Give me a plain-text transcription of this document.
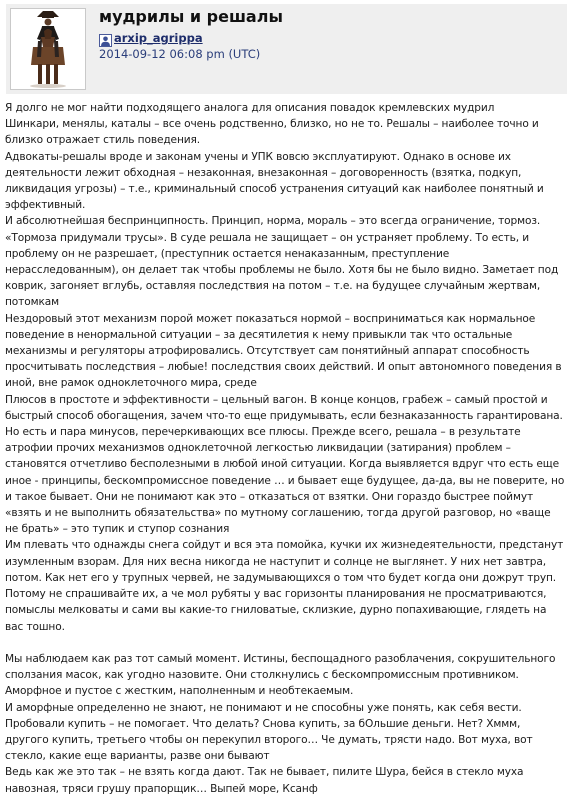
мудрилы и решалы
arxip_agrippa
2014-09-12 06:08 pm (UTC)

Я долго не мог найти подходящего аналога для описания повадок кремлевских мудрил

Шинкари, менялы, каталы – все очень родственно, близко, но не то. Решалы – наиболее точно и близко отражает стиль поведения.

Адвокаты-решалы вроде и законам учены и УПК вовсю эксплуатируют. Однако в основе их деятельности лежит обходная – незаконная, внезаконная – договоренность (взятка, подкуп, ликвидация угрозы) – т.е., криминальный способ устранения ситуаций как наиболее понятный и эффективный.

И абсолютнейшая беспринципность. Принцип, норма, мораль – это всегда ограничение, тормоз. «Тормоза придумали трусы». В суде решала не защищает – он устраняет проблему. То есть, и проблему он не разрешает, (преступник остается ненаказанным, преступление нерасследованным), он делает так чтобы проблемы не было. Хотя бы не было видно. Заметает под коврик, загоняет вглубь, оставляя последствия на потом – т.е. на будущее случайным жертвам, потомкам

Нездоровый этот механизм порой может показаться нормой – восприниматься как нормальное поведение в ненормальной ситуации – за десятилетия к нему привыкли так что остальные механизмы и регуляторы атрофировались. Отсутствует сам понятийный аппарат способность просчитывать последствия – любые! последствия своих действий. И опыт автономного поведения в иной, вне рамок одноклеточного мира, среде

Плюсов в простоте и эффективности – цельный вагон. В конце концов, грабеж – самый простой и быстрый способ обогащения, зачем что-то еще придумывать, если безнаказанность гарантирована.

Но есть и пара минусов, перечеркивающих все плюсы. Прежде всего, решала – в результате атрофии прочих механизмов одноклеточной легкостью ликвидации (затирания) проблем – становятся отчетливо бесполезными в любой иной ситуации. Когда выявляется вдруг что есть еще иное - принципы, бескомпромиссное поведение … и бывает еще будущее, да-да, вы не поверите, но и такое бывает. Они не понимают как это – отказаться от взятки. Они гораздо быстрее поймут «взять и не выполнить обязательства» по мутному соглашению, тогда другой разговор, но «ваще не брать» – это тупик и ступор сознания

Им плевать что однажды снега сойдут и вся эта помойка, кучки их жизнедеятельности, предстанут изумленным взорам. Для них весна никогда не наступит и солнце не выглянет. У них нет завтра, потом. Как нет его у трупных червей, не задумывающихся о том что будет когда они дожрут труп. Потому не спрашивайте их, а че мол рубяты у вас горизонты планирования не просматриваются, помыслы мелковаты и сами вы какие-то гниловатые, склизкие, дурно попахивающие, глядеть на вас тошно.

Мы наблюдаем как раз тот самый момент. Истины, беспощадного разоблачения, сокрушительного сползания масок, как угодно назовите. Они столкнулись с бескомпромиссным противником. Аморфное и пустое с жестким, наполненным и необтекаемым.

И аморфные определенно не знают, не понимают и не способны уже понять, как себя вести.

Пробовали купить – не помогает. Что делать? Снова купить, за бОльшие деньги. Нет? Хммм, другого купить, третьего чтобы он перекупил второго… Че думать, трясти надо. Вот муха, вот стекло, какие еще варианты, разве они бывают

Ведь как же это так – не взять когда дают. Так не бывает, пилите Шура, бейся в стекло муха навозная, тряси грушу прапорщик… Выпей море, Ксанф
